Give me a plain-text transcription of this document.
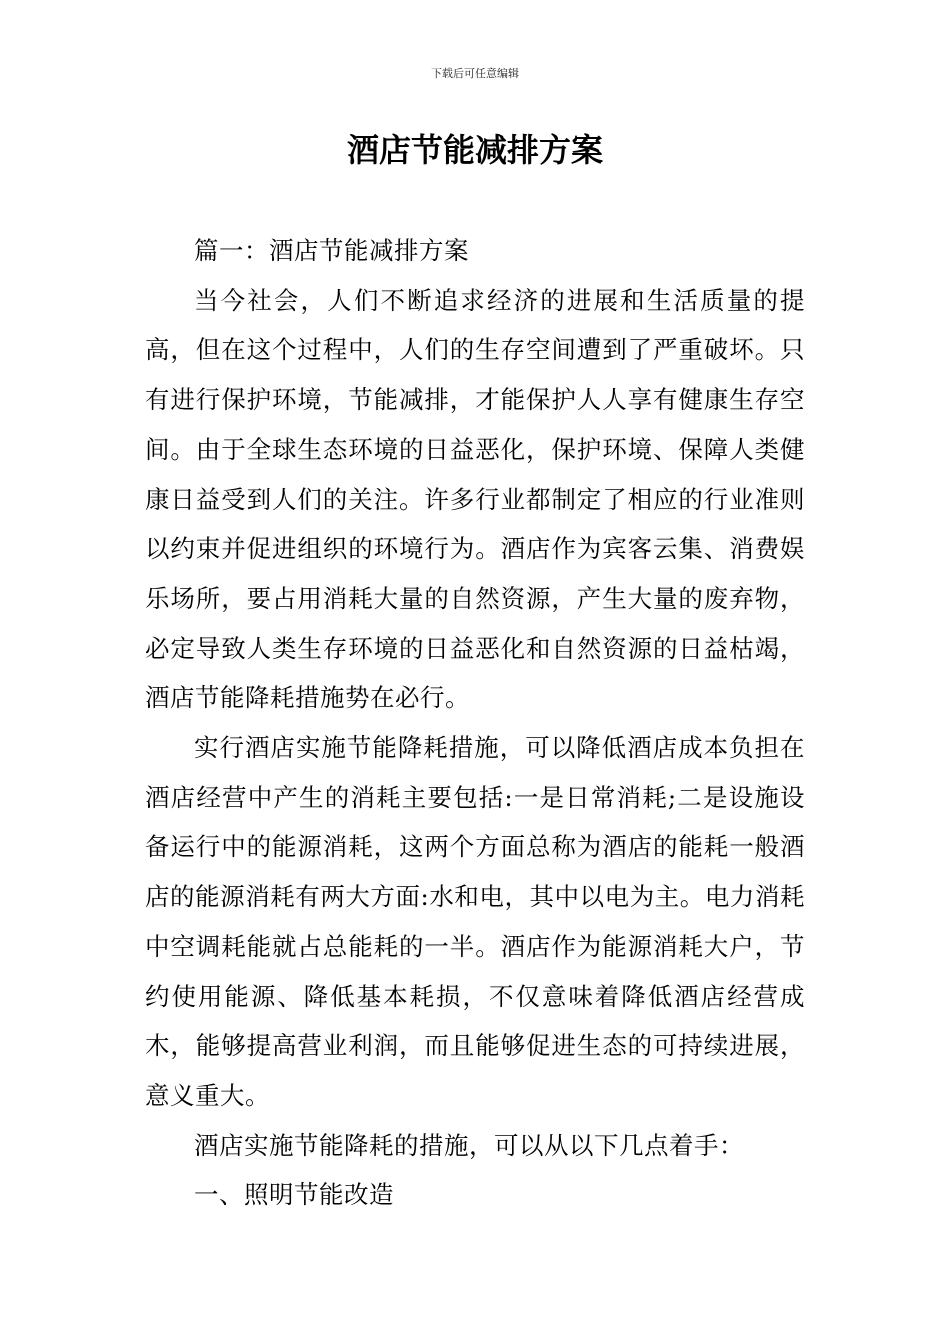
下载后可任意编辑
酒店节能减排方案

篇一：酒店节能减排方案

当今社会，人们不断追求经济的进展和生活质量的提高，但在这个过程中，人们的生存空间遭到了严重破坏。只有进行保护环境，节能减排，才能保护人人享有健康生存空间。由于全球生态环境的日益恶化，保护环境、保障人类健康日益受到人们的关注。许多行业都制定了相应的行业准则以约束并促进组织的环境行为。酒店作为宾客云集、消费娱乐场所，要占用消耗大量的自然资源，产生大量的废弃物，必定导致人类生存环境的日益恶化和自然资源的日益枯竭，酒店节能降耗措施势在必行。

实行酒店实施节能降耗措施，可以降低酒店成本负担在酒店经营中产生的消耗主要包括:一是日常消耗;二是设施设备运行中的能源消耗，这两个方面总称为酒店的能耗一般酒店的能源消耗有两大方面:水和电，其中以电为主。电力消耗中空调耗能就占总能耗的一半。酒店作为能源消耗大户，节约使用能源、降低基本耗损，不仅意味着降低酒店经营成木，能够提高营业利润，而且能够促进生态的可持续进展，意义重大。

酒店实施节能降耗的措施，可以从以下几点着手：

一、照明节能改造
